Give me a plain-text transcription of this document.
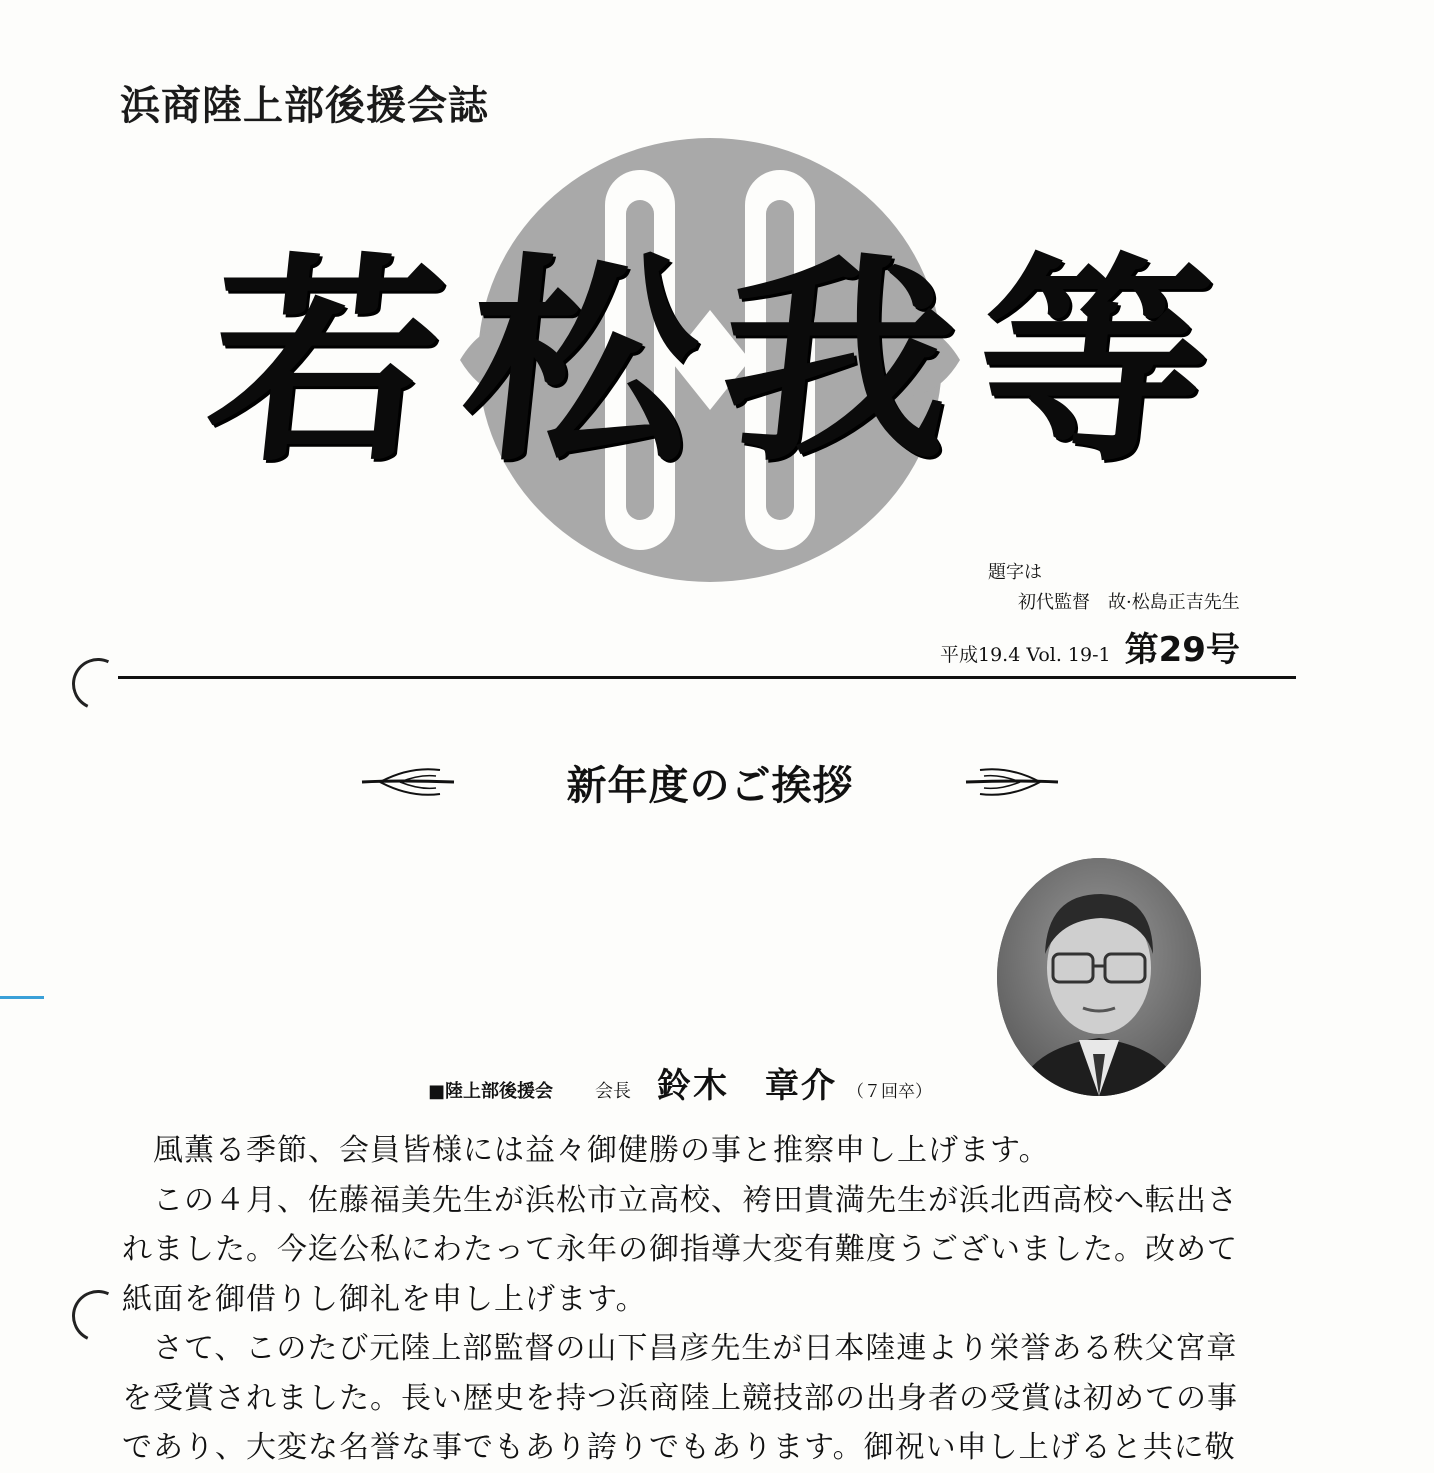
浜商陸上部後援会誌
若
松
我
等
題字は
初代監督　故·松島正吉先生
平成19.4 Vol. 19-1 第29号
新年度のご挨拶
■陸上部後援会 会長 鈴木　章介 （７回卒）

　風薫る季節、会員皆様には益々御健勝の事と推察申し上げます。

　この４月、佐藤福美先生が浜松市立高校、袴田貴満先生が浜北西高校へ転出さ

れました。今迄公私にわたって永年の御指導大変有難度うございました。改めて

紙面を御借りし御礼を申し上げます。

　さて、このたび元陸上部監督の山下昌彦先生が日本陸連より栄誉ある秩父宮章

を受賞されました。長い歴史を持つ浜商陸上競技部の出身者の受賞は初めての事

であり、大変な名誉な事でもあり誇りでもあります。御祝い申し上げると共に敬
